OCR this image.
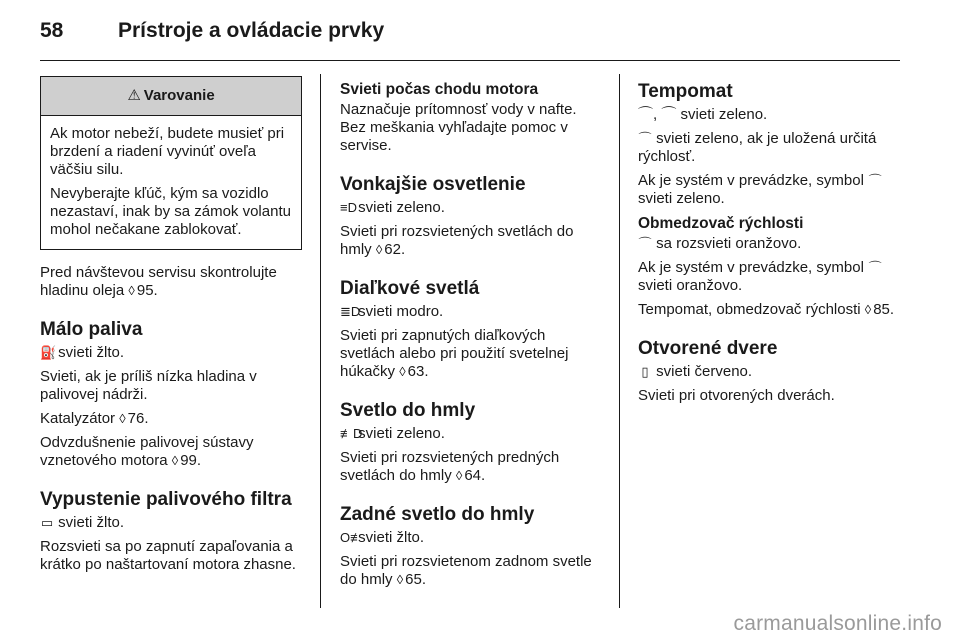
58	Prístroje a ovládacie prvky
⚠ Varovanie

Ak motor nebeží, budete musieť pri brzdení a riadení vyvinúť oveľa väčšiu silu.

Nevyberajte kľúč, kým sa vozidlo nezastaví, inak by sa zámok volantu mohol nečakane zablokovať.

Pred návštevou servisu skontrolujte hladinu oleja ◊ 95.

Málo paliva

⛽ svieti žlto.

Svieti, ak je príliš nízka hladina v palivovej nádrži.

Katalyzátor ◊ 76.

Odvzdušnenie palivovej sústavy vznetového motora ◊ 99.

Vypustenie palivového filtra

▭ svieti žlto.

Rozsvieti sa po zapnutí zapaľovania a krátko po naštartovaní motora zhasne.

Svieti počas chodu motora

Naznačuje prítomnosť vody v nafte. Bez meškania vyhľadajte pomoc v servise.

Vonkajšie osvetlenie

≡D svieti zeleno.

Svieti pri rozsvietených svetlách do hmly ◊ 62.

Diaľkové svetlá

≣D svieti modro.

Svieti pri zapnutých diaľkových svetlách alebo pri použití svetelnej húkačky ◊ 63.

Svetlo do hmly

≢D svieti zeleno.

Svieti pri rozsvietených predných svetlách do hmly ◊ 64.

Zadné svetlo do hmly

O≢ svieti žlto.

Svieti pri rozsvietenom zadnom svetle do hmly ◊ 65.

Tempomat

⌒, ⌒ svieti zeleno.

⌒ svieti zeleno, ak je uložená určitá rýchlosť.

Ak je systém v prevádzke, symbol ⌒ svieti zeleno.

Obmedzovač rýchlosti

⌒ sa rozsvieti oranžovo.

Ak je systém v prevádzke, symbol ⌒ svieti oranžovo.

Tempomat, obmedzovač rýchlosti ◊ 85.

Otvorené dvere

▯ svieti červeno.

Svieti pri otvorených dverách.

carmanualsonline.info
